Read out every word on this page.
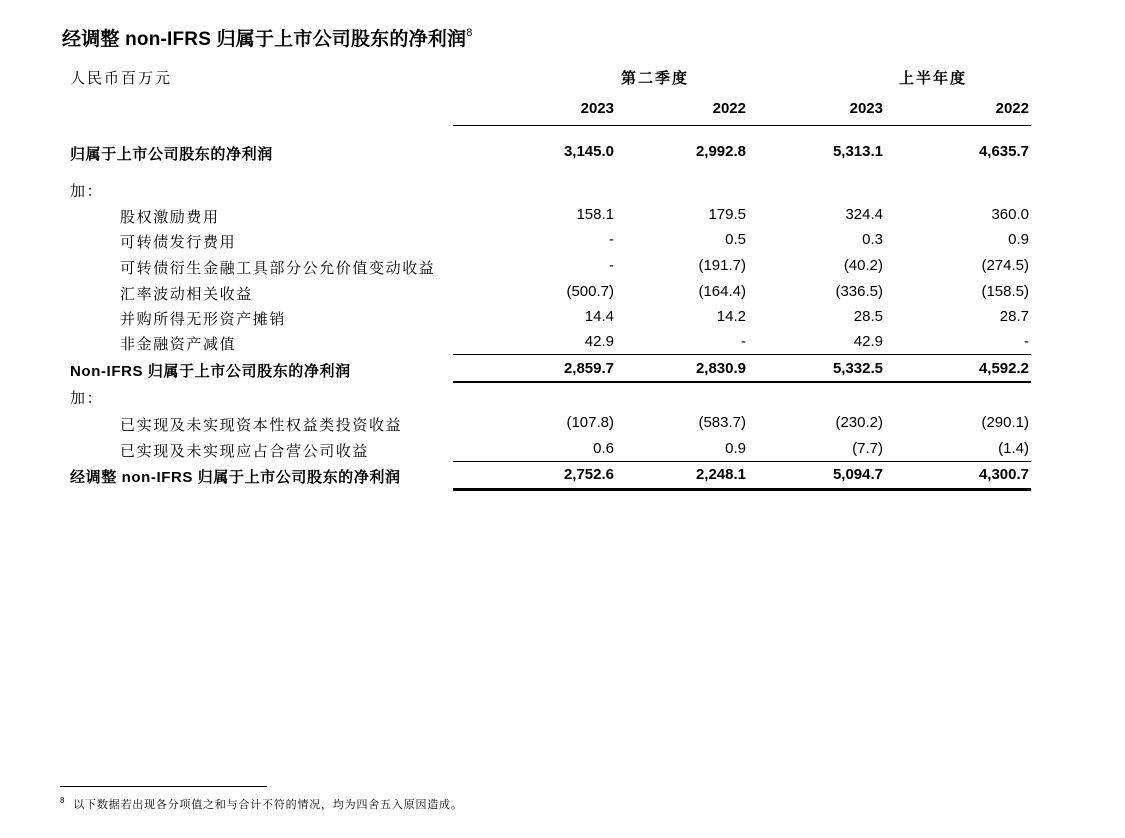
经调整 non-IFRS 归属于上市公司股东的净利润$^8$
人民币百万元	第二季度	上半年度
2023	2022	2023	2022
归属于上市公司股东的净利润	3,145.0	2,992.8	5,313.1	4,635.7
加：
股权激励费用	158.1	179.5	324.4	360.0
可转债发行费用	-	0.5	0.3	0.9
可转债衍生金融工具部分公允价值变动收益	-	(191.7)	(40.2)	(274.5)
汇率波动相关收益	(500.7)	(164.4)	(336.5)	(158.5)
并购所得无形资产摊销	14.4	14.2	28.5	28.7
非金融资产减值	42.9	-	42.9	-
Non-IFRS 归属于上市公司股东的净利润	2,859.7	2,830.9	5,332.5	4,592.2
加：
已实现及未实现资本性权益类投资收益	(107.8)	(583.7)	(230.2)	(290.1)
已实现及未实现应占合营公司收益	0.6	0.9	(7.7)	(1.4)
经调整 non-IFRS 归属于上市公司股东的净利润	2,752.6	2,248.1	5,094.7	4,300.7
$^8$ 以下数据若出现各分项值之和与合计不符的情况，均为四舍五入原因造成。
